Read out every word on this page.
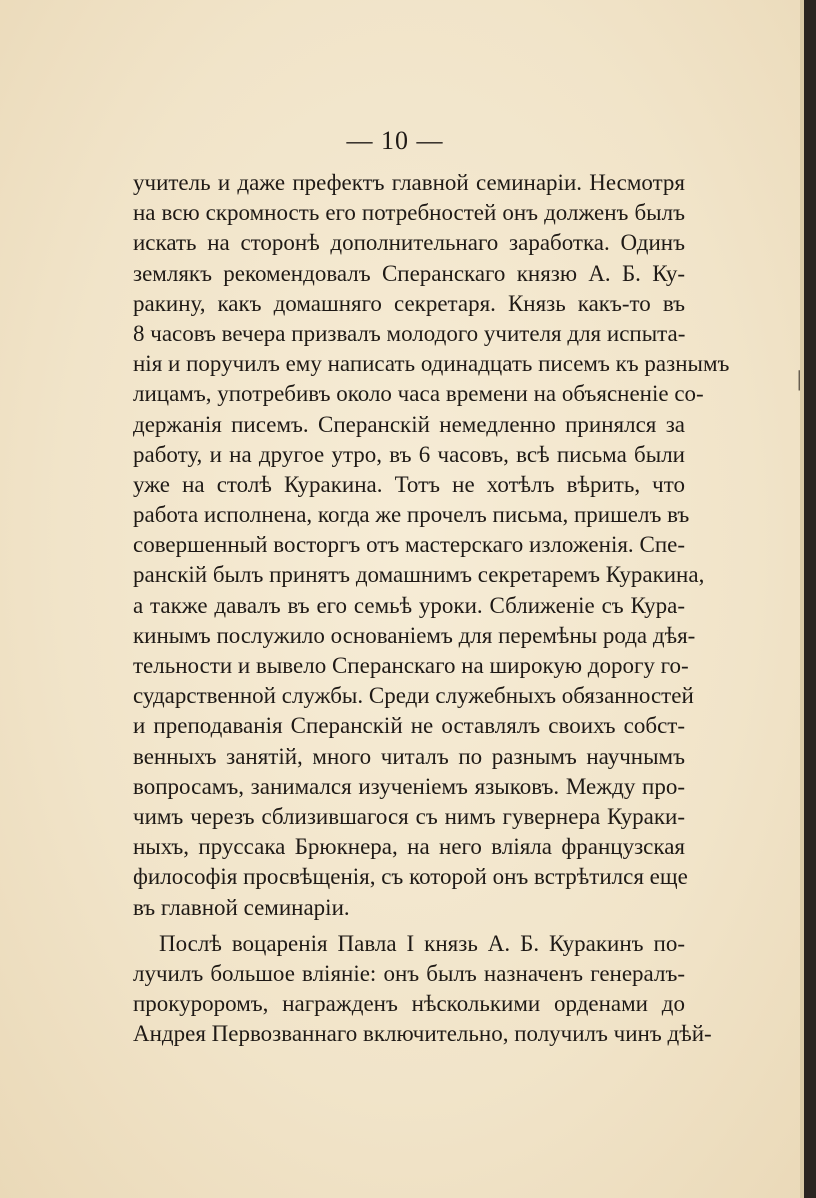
— 10 —
|
учитель и даже префектъ главной семинаріи. Несмотря
на всю скромность его потребностей онъ долженъ былъ
искать на сторонѣ дополнительнаго заработка. Одинъ
землякъ рекомендовалъ Сперанскаго князю А. Б. Ку-
ракину, какъ домашняго секретаря. Князь какъ-то въ
8 часовъ вечера призвалъ молодого учителя для испыта-
нія и поручилъ ему написать одинадцать писемъ къ разнымъ
лицамъ, употребивъ около часа времени на объясненіе со-
держанія писемъ. Сперанскій немедленно принялся за
работу, и на другое утро, въ 6 часовъ, всѣ письма были
уже на столѣ Куракина. Тотъ не хотѣлъ вѣрить, что
работа исполнена, когда же прочелъ письма, пришелъ въ
совершенный восторгъ отъ мастерскаго изложенія. Спе-
ранскій былъ принятъ домашнимъ секретаремъ Куракина,
а также давалъ въ его семьѣ уроки. Сближеніе съ Кура-
кинымъ послужило основаніемъ для перемѣны рода дѣя-
тельности и вывело Сперанскаго на широкую дорогу го-
сударственной службы. Среди служебныхъ обязанностей
и преподаванія Сперанскій не оставлялъ своихъ собст-
венныхъ занятій, много читалъ по разнымъ научнымъ
вопросамъ, занимался изученіемъ языковъ. Между про-
чимъ черезъ сблизившагося съ нимъ гувернера Кураки-
ныхъ, пруссака Брюкнера, на него вліяла французская
философія просвѣщенія, съ которой онъ встрѣтился еще
въ главной семинаріи.
Послѣ воцаренія Павла I князь А. Б. Куракинъ по-
лучилъ большое вліяніе: онъ былъ назначенъ генералъ-
прокуроромъ, награжденъ нѣсколькими орденами до
Андрея Первозваннаго включительно, получилъ чинъ дѣй-
